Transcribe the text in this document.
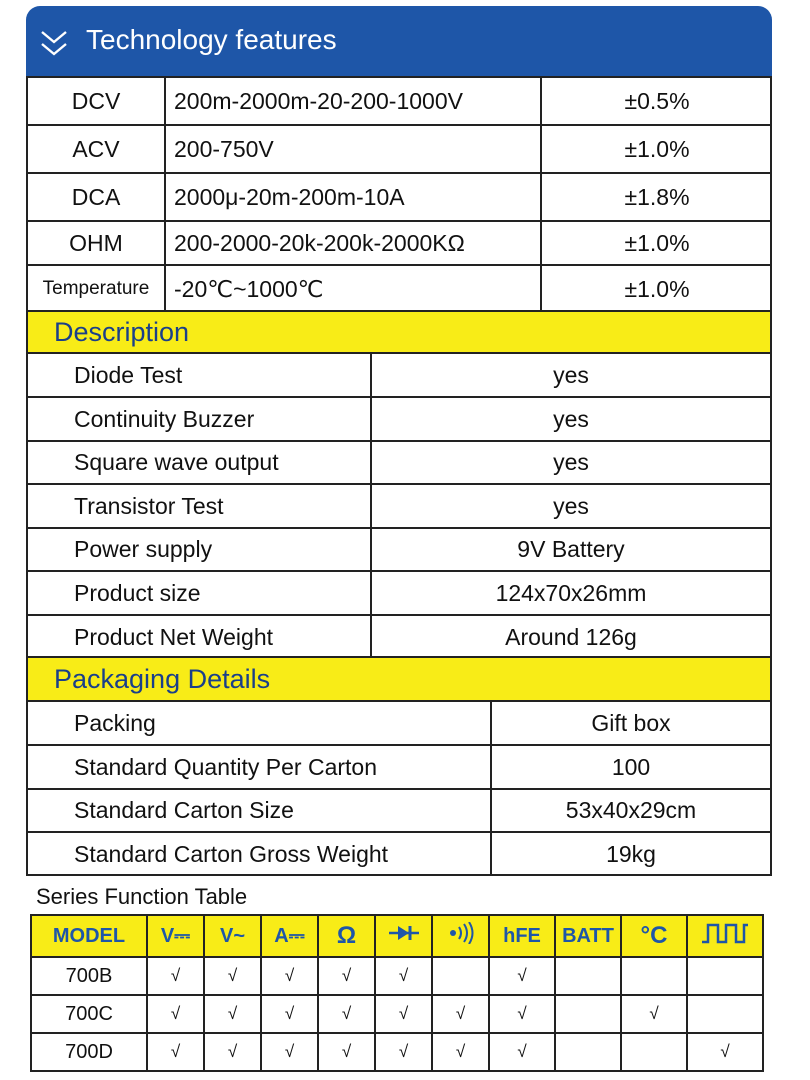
Technology features
DCV	200m-2000m-20-200-1000V	±0.5%
ACV	200-750V	±1.0%
DCA	2000μ-20m-200m-10A	±1.8%
OHM	200-2000-20k-200k-2000KΩ	±1.0%
Temperature	-20℃~1000℃	±1.0%
Description
Diode Test	yes
Continuity Buzzer	yes
Square wave output	yes
Transistor Test	yes
Power supply	9V Battery
Product size	124x70x26mm
Product Net Weight	Around 126g
Packaging Details
Packing	Gift box
Standard Quantity Per Carton	100
Standard Carton Size	53x40x29cm
Standard Carton Gross Weight	19kg
Series Function Table
MODEL	V⎓	V~	A⎓	Ω			hFE	BATT	°C	
700B	√	√	√	√	√		√			
700C	√	√	√	√	√	√	√		√	
700D	√	√	√	√	√	√	√			√
